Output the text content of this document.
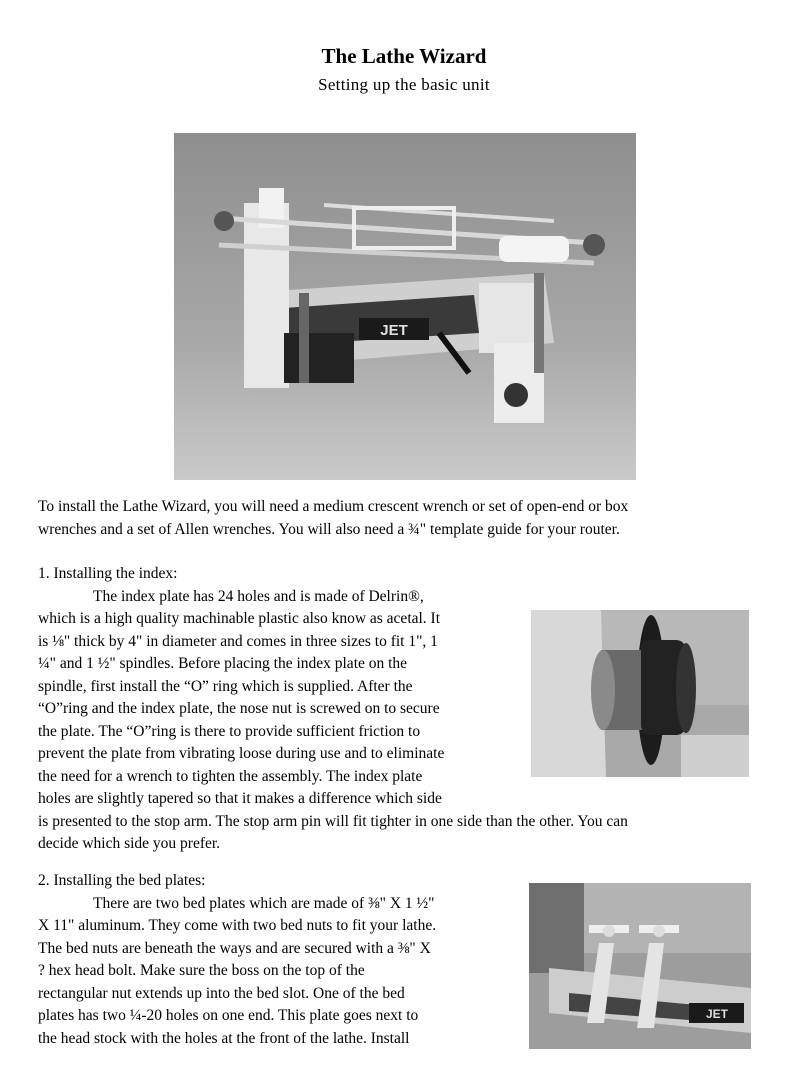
The Lathe Wizard
Setting up the basic unit
JET
To install the Lathe Wizard, you will need a medium crescent wrench or set of open-end or box
wrenches and a set of Allen wrenches. You will also need a ¾" template guide for your router.
1. Installing the index:
The index plate has 24 holes and is made of Delrin®,
which is a high quality machinable plastic also know as acetal. It
is ⅛" thick by 4" in diameter and comes in three sizes to fit 1", 1
¼" and 1 ½" spindles. Before placing the index plate on the
spindle, first install the “O” ring which is supplied. After the
“O”ring and the index plate, the nose nut is screwed on to secure
the plate. The “O”ring is there to provide sufficient friction to
prevent the plate from vibrating loose during use and to eliminate
the need for a wrench to tighten the assembly. The index plate
holes are slightly tapered so that it makes a difference which side
is presented to the stop arm. The stop arm pin will fit tighter in one side than the other. You can
decide which side you prefer.
JET
2. Installing the bed plates:
There are two bed plates which are made of ⅜" X 1 ½"
X 11" aluminum. They come with two bed nuts to fit your lathe.
The bed nuts are beneath the ways and are secured with a ⅜" X
? hex head bolt. Make sure the boss on the top of the
rectangular nut extends up into the bed slot. One of the bed
plates has two ¼-20 holes on one end. This plate goes next to
the head stock with the holes at the front of the lathe. Install
